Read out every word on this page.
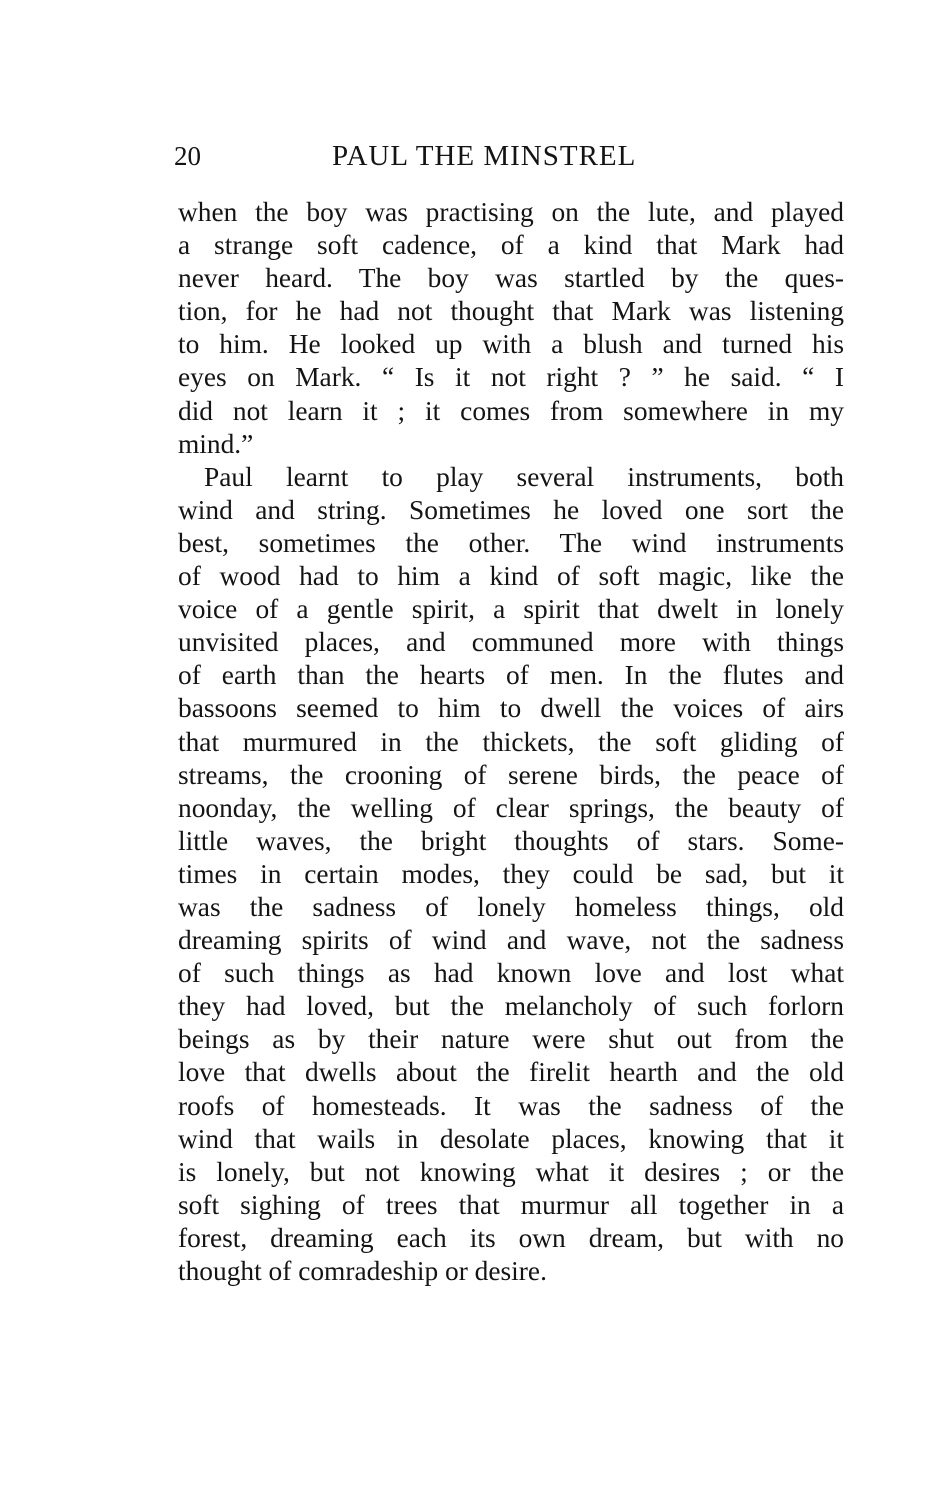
20	PAUL THE MINSTREL
when the boy was practising on the lute, and played
a strange soft cadence, of a kind that Mark had
never heard. The boy was startled by the ques-
tion, for he had not thought that Mark was listening
to him. He looked up with a blush and turned his
eyes on Mark. “ Is it not right ? ” he said. “ I
did not learn it ; it comes from somewhere in my
mind.”
Paul learnt to play several instruments, both
wind and string. Sometimes he loved one sort the
best, sometimes the other. The wind instruments
of wood had to him a kind of soft magic, like the
voice of a gentle spirit, a spirit that dwelt in lonely
unvisited places, and communed more with things
of earth than the hearts of men. In the flutes and
bassoons seemed to him to dwell the voices of airs
that murmured in the thickets, the soft gliding of
streams, the crooning of serene birds, the peace of
noonday, the welling of clear springs, the beauty of
little waves, the bright thoughts of stars. Some-
times in certain modes, they could be sad, but it
was the sadness of lonely homeless things, old
dreaming spirits of wind and wave, not the sadness
of such things as had known love and lost what
they had loved, but the melancholy of such forlorn
beings as by their nature were shut out from the
love that dwells about the firelit hearth and the old
roofs of homesteads. It was the sadness of the
wind that wails in desolate places, knowing that it
is lonely, but not knowing what it desires ; or the
soft sighing of trees that murmur all together in a
forest, dreaming each its own dream, but with no
thought of comradeship or desire.
